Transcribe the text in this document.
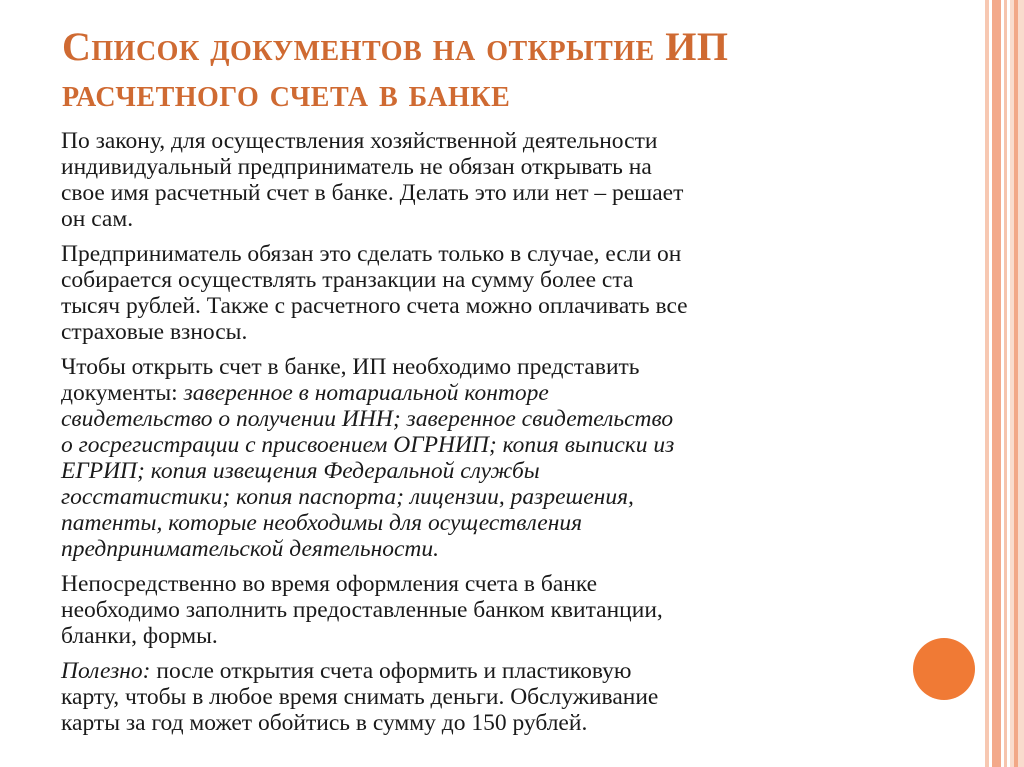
Список документов на открытие ИП
расчетного счета в банке

По закону, для осуществления хозяйственной деятельности
индивидуальный предприниматель не обязан открывать на
свое имя расчетный счет в банке. Делать это или нет – решает
он сам.

Предприниматель обязан это сделать только в случае, если он
собирается осуществлять транзакции на сумму более ста
тысяч рублей. Также с расчетного счета можно оплачивать все
страховые взносы.

Чтобы открыть счет в банке, ИП необходимо представить
документы: заверенное в нотариальной конторе
свидетельство о получении ИНН; заверенное свидетельство
о госрегистрации с присвоением ОГРНИП; копия выписки из
ЕГРИП; копия извещения Федеральной службы
госстатистики; копия паспорта; лицензии, разрешения,
патенты, которые необходимы для осуществления
предпринимательской деятельности.

Непосредственно во время оформления счета в банке
необходимо заполнить предоставленные банком квитанции,
бланки, формы.

Полезно: после открытия счета оформить и пластиковую
карту, чтобы в любое время снимать деньги. Обслуживание
карты за год может обойтись в сумму до 150 рублей.
